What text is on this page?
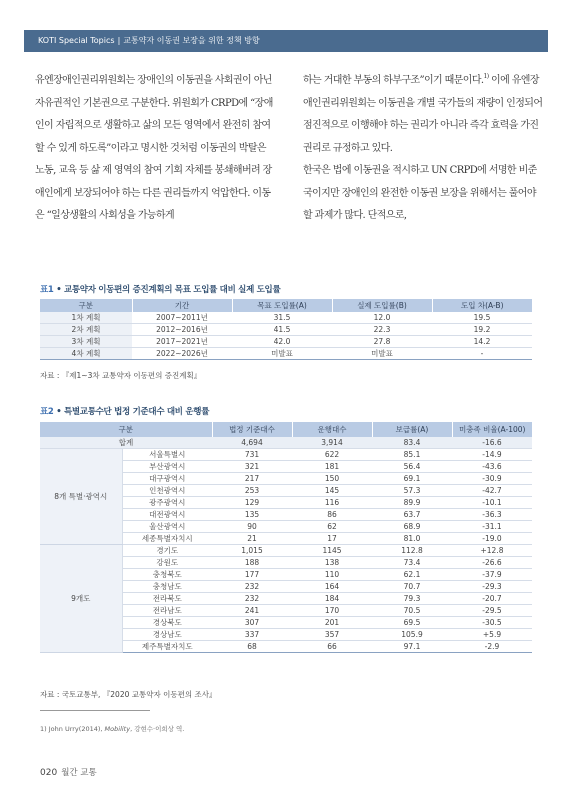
KOTI Special Topics | 교통약자 이동권 보장을 위한 정책 방향

유엔장애인권리위원회는 장애인의 이동권을 사회권이 아닌 자유권적인 기본권으로 구분한다. 위원회가 CRPD에 “장애인이 자립적으로 생활하고 삶의 모든 영역에서 완전히 참여할 수 있게 하도록”이라고 명시한 것처럼 이동권의 박탈은 노동, 교육 등 삶 제 영역의 참여 기회 자체를 봉쇄해버려 장애인에게 보장되어야 하는 다른 권리들까지 억압한다. 이동은 “일상생활의 사회성을 가능하게

하는 거대한 부동의 하부구조”이기 때문이다.$^{1)}$ 이에 유엔장애인권리위원회는 이동권을 개별 국가들의 재량이 인정되어 점진적으로 이행해야 하는 권리가 아니라 즉각 효력을 가진 권리로 규정하고 있다.

한국은 법에 이동권을 적시하고 UN CRPD에 서명한 비준국이지만 장애인의 완전한 이동권 보장을 위해서는 풀어야 할 과제가 많다. 단적으로,

표1 • 교통약자 이동편의 증진계획의 목표 도입률 대비 실제 도입률
구분	기간	목표 도입률(A)	실제 도입률(B)	도입 차(A-B)
1차 계획	2007~2011년	31.5	12.0	19.5
2차 계획	2012~2016년	41.5	22.3	19.2
3차 계획	2017~2021년	42.0	27.8	14.2
4차 계획	2022~2026년	미발표	미발표	-
자료 : 『제1~3차 교통약자 이동편의 증진계획』
표2 • 특별교통수단 법정 기준대수 대비 운행률
구분		법정 기준대수	운행대수	보급률(A)	미충족 비율(A-100)
합계		4,694	3,914	83.4	-16.6
8개 특별·광역시	서울특별시	731	622	85.1	-14.9
	부산광역시	321	181	56.4	-43.6
	대구광역시	217	150	69.1	-30.9
	인천광역시	253	145	57.3	-42.7
	광주광역시	129	116	89.9	-10.1
	대전광역시	135	86	63.7	-36.3
	울산광역시	90	62	68.9	-31.1
	세종특별자치시	21	17	81.0	-19.0
9개도	경기도	1,015	1145	112.8	+12.8
	강원도	188	138	73.4	-26.6
	충청북도	177	110	62.1	-37.9
	충청남도	232	164	70.7	-29.3
	전라북도	232	184	79.3	-20.7
	전라남도	241	170	70.5	-29.5
	경상북도	307	201	69.5	-30.5
	경상남도	337	357	105.9	+5.9
	제주특별자치도	68	66	97.1	-2.9
자료 : 국토교통부, 『2020 교통약자 이동편의 조사』
1) John Urry(2014), Mobility, 강현수·이희상 역.
020 월간 교통
